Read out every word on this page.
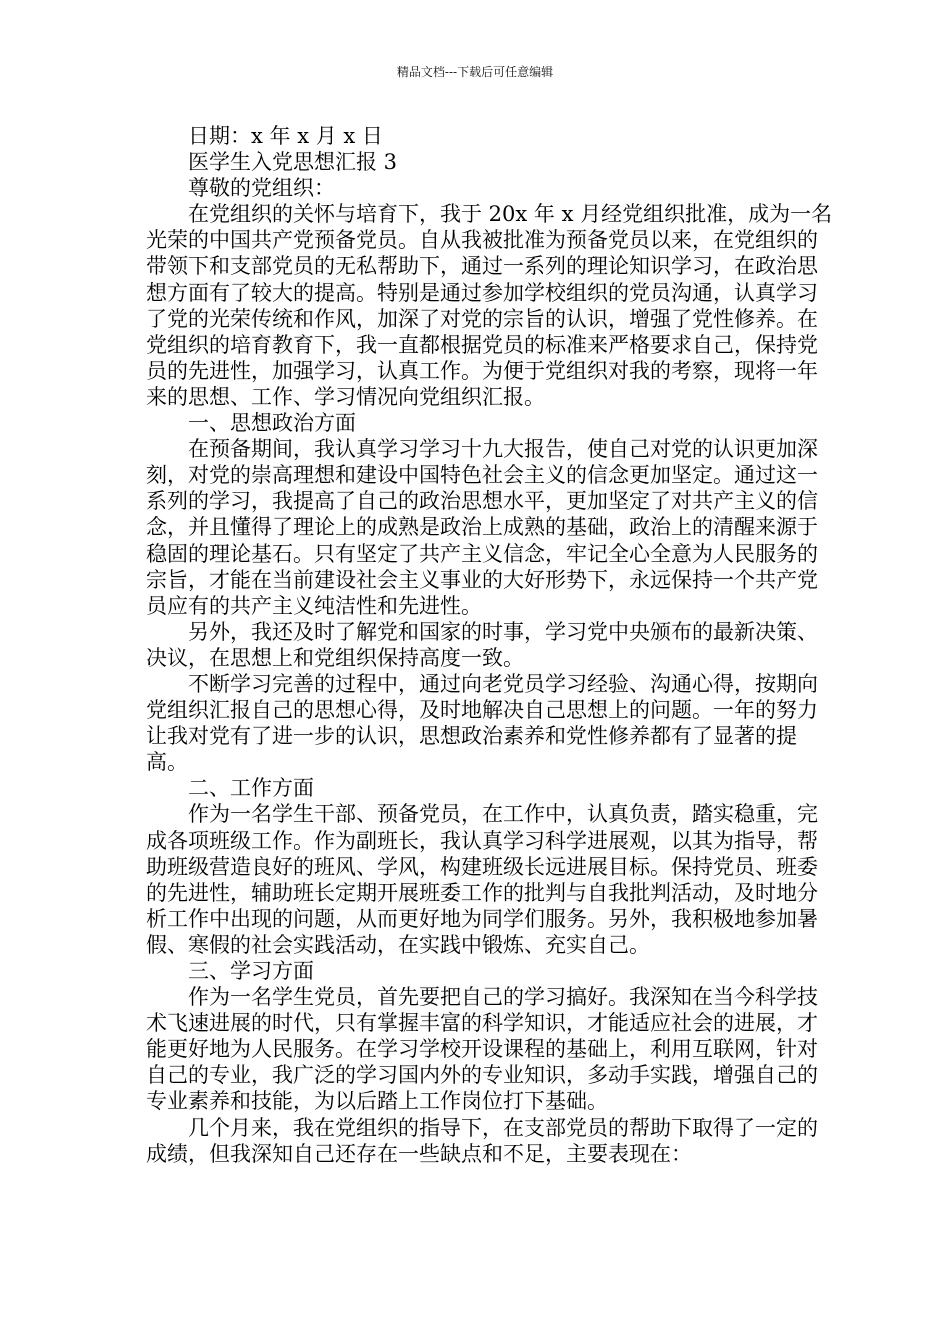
精品文档---下载后可任意编辑

日期：x 年 x 月 x 日

医学生入党思想汇报 3

尊敬的党组织：

在党组织的关怀与培育下，我于 20x 年 x 月经党组织批准，成为一名光荣的中国共产党预备党员。自从我被批准为预备党员以来，在党组织的带领下和支部党员的无私帮助下，通过一系列的理论知识学习，在政治思想方面有了较大的提高。特别是通过参加学校组织的党员沟通，认真学习了党的光荣传统和作风，加深了对党的宗旨的认识，增强了党性修养。在党组织的培育教育下，我一直都根据党员的标准来严格要求自己，保持党员的先进性，加强学习，认真工作。为便于党组织对我的考察，现将一年来的思想、工作、学习情况向党组织汇报。

一、思想政治方面

在预备期间，我认真学习学习十九大报告，使自己对党的认识更加深刻，对党的崇高理想和建设中国特色社会主义的信念更加坚定。通过这一系列的学习，我提高了自己的政治思想水平，更加坚定了对共产主义的信念，并且懂得了理论上的成熟是政治上成熟的基础，政治上的清醒来源于稳固的理论基石。只有坚定了共产主义信念，牢记全心全意为人民服务的宗旨，才能在当前建设社会主义事业的大好形势下，永远保持一个共产党员应有的共产主义纯洁性和先进性。

另外，我还及时了解党和国家的时事，学习党中央颁布的最新决策、决议，在思想上和党组织保持高度一致。

不断学习完善的过程中，通过向老党员学习经验、沟通心得，按期向党组织汇报自己的思想心得，及时地解决自己思想上的问题。一年的努力让我对党有了进一步的认识，思想政治素养和党性修养都有了显著的提高。

二、工作方面

作为一名学生干部、预备党员，在工作中，认真负责，踏实稳重，完成各项班级工作。作为副班长，我认真学习科学进展观，以其为指导，帮助班级营造良好的班风、学风，构建班级长远进展目标。保持党员、班委的先进性，辅助班长定期开展班委工作的批判与自我批判活动，及时地分析工作中出现的问题，从而更好地为同学们服务。另外，我积极地参加暑假、寒假的社会实践活动，在实践中锻炼、充实自己。

三、学习方面

作为一名学生党员，首先要把自己的学习搞好。我深知在当今科学技术飞速进展的时代，只有掌握丰富的科学知识，才能适应社会的进展，才能更好地为人民服务。在学习学校开设课程的基础上，利用互联网，针对自己的专业，我广泛的学习国内外的专业知识，多动手实践，增强自己的专业素养和技能，为以后踏上工作岗位打下基础。

几个月来，我在党组织的指导下，在支部党员的帮助下取得了一定的成绩，但我深知自己还存在一些缺点和不足，主要表现在：
